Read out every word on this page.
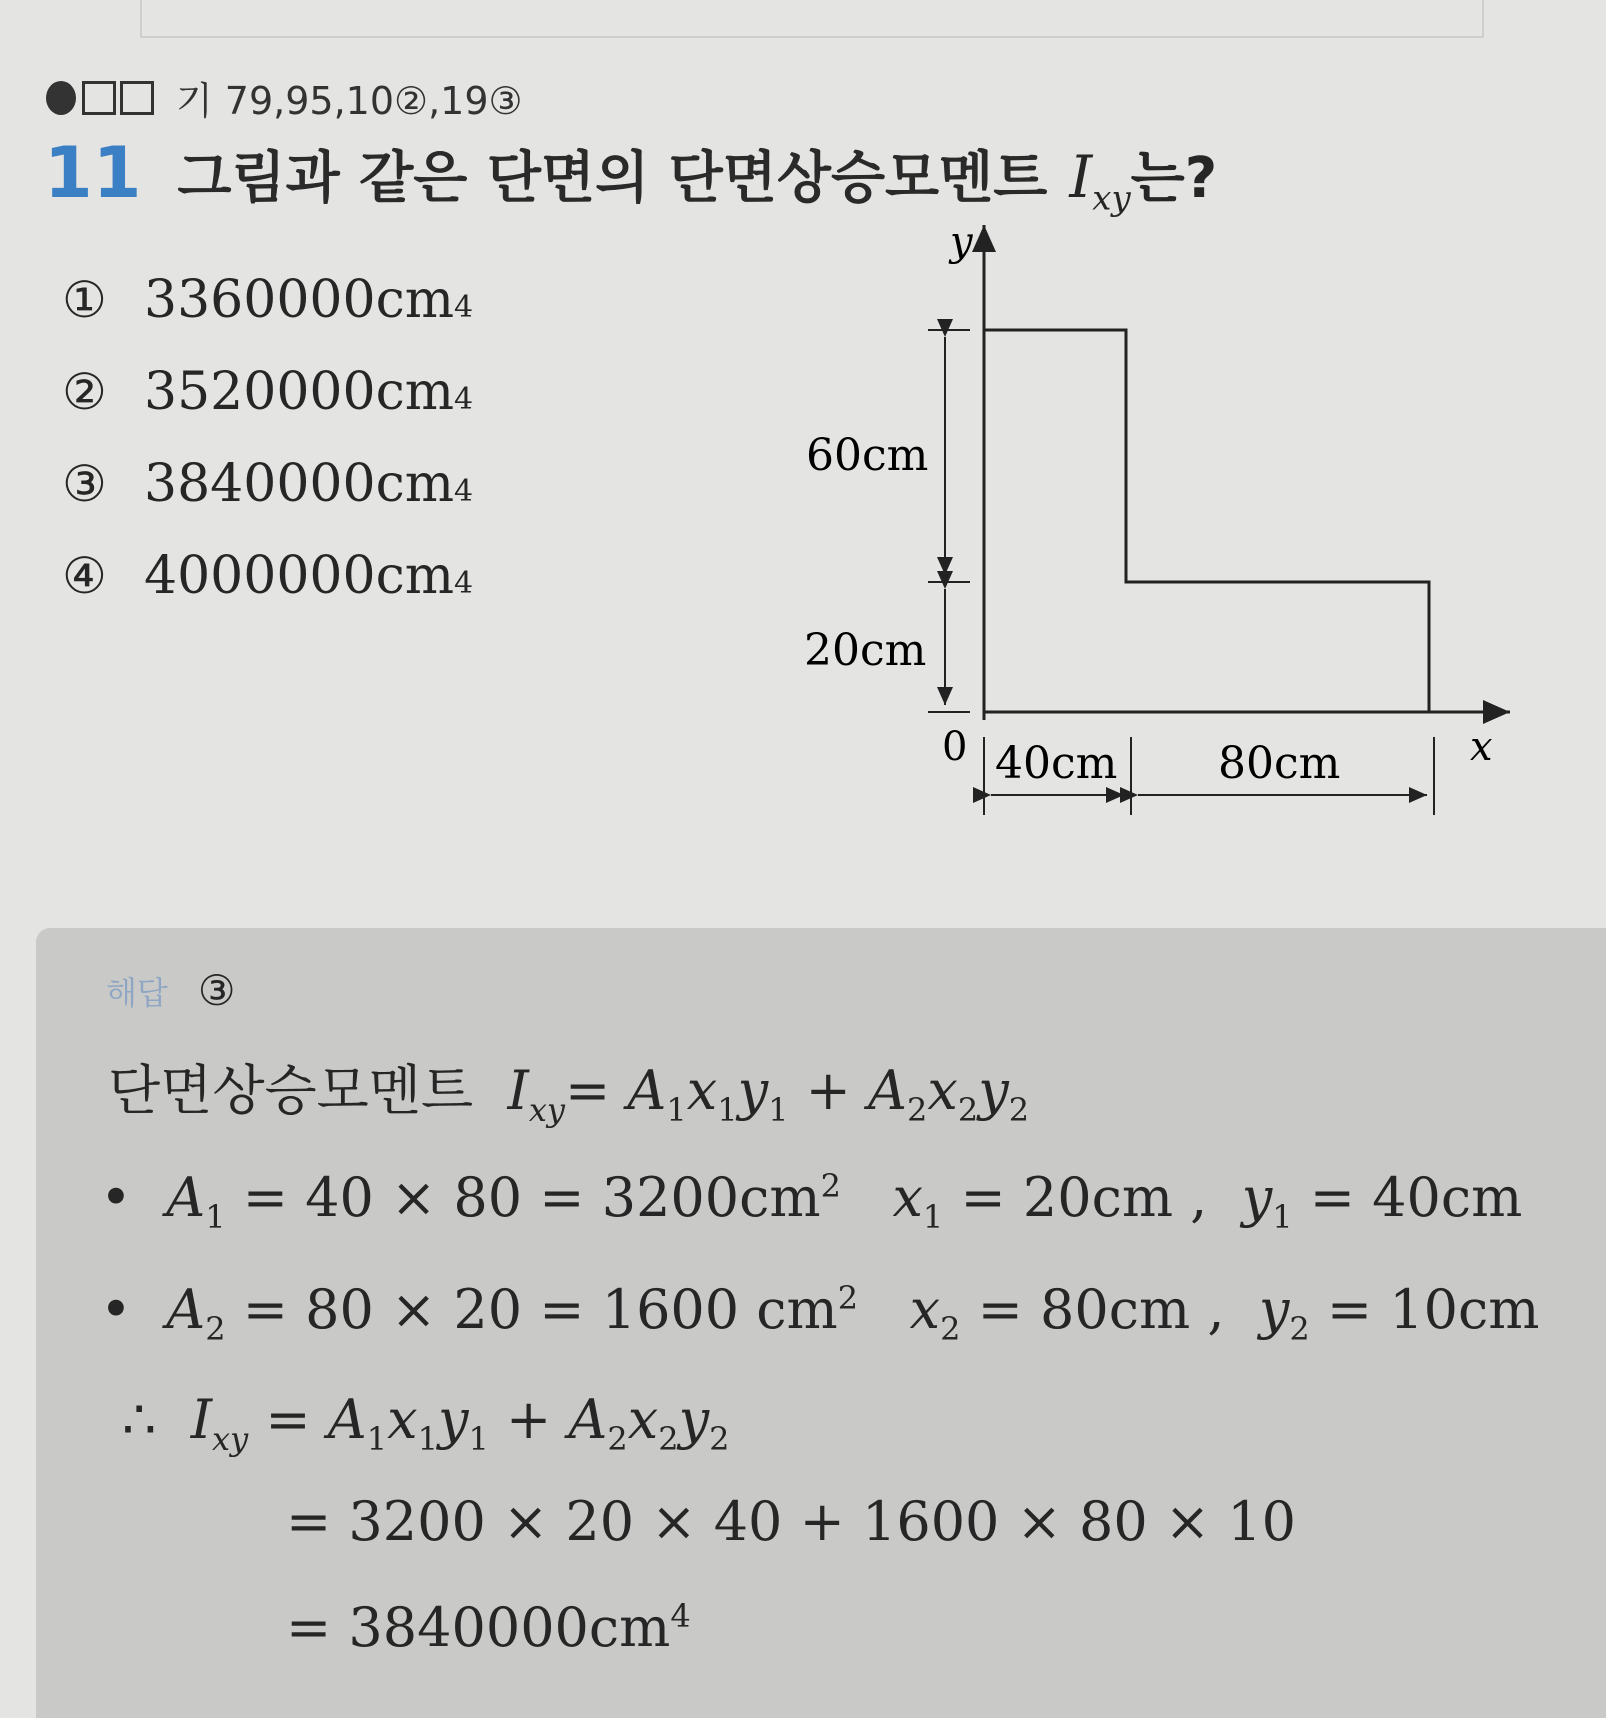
기 79,95,10②,19③
11 그림과 같은 단면의 단면상승모멘트 $I_{xy}$ 는?
① 3360000cm 4
② 3520000cm 4
③ 3840000cm 4
④ 4000000cm 4
y
x
0
60cm
20cm
40cm 80cm
해답 ③
단면상승모멘트 $I_{xy}= A_1x_1y_1 + A_2x_2y_2$
•  $A_1 = 40 \times 80 = 3200cm^2$   $x_1 = 20cm$ ,  $y_1 = 40cm$
•  $A_2 = 80 \times 20 = 1600$ $cm^2$   $x_2 = 80cm$ ,  $y_2 = 10cm$
∴ $I_{xy} = A_1x_1y_1 + A_2x_2y_2$
= 3200 × 20 × 40 + 1600 × 80 × 10
= $3840000cm^4$
